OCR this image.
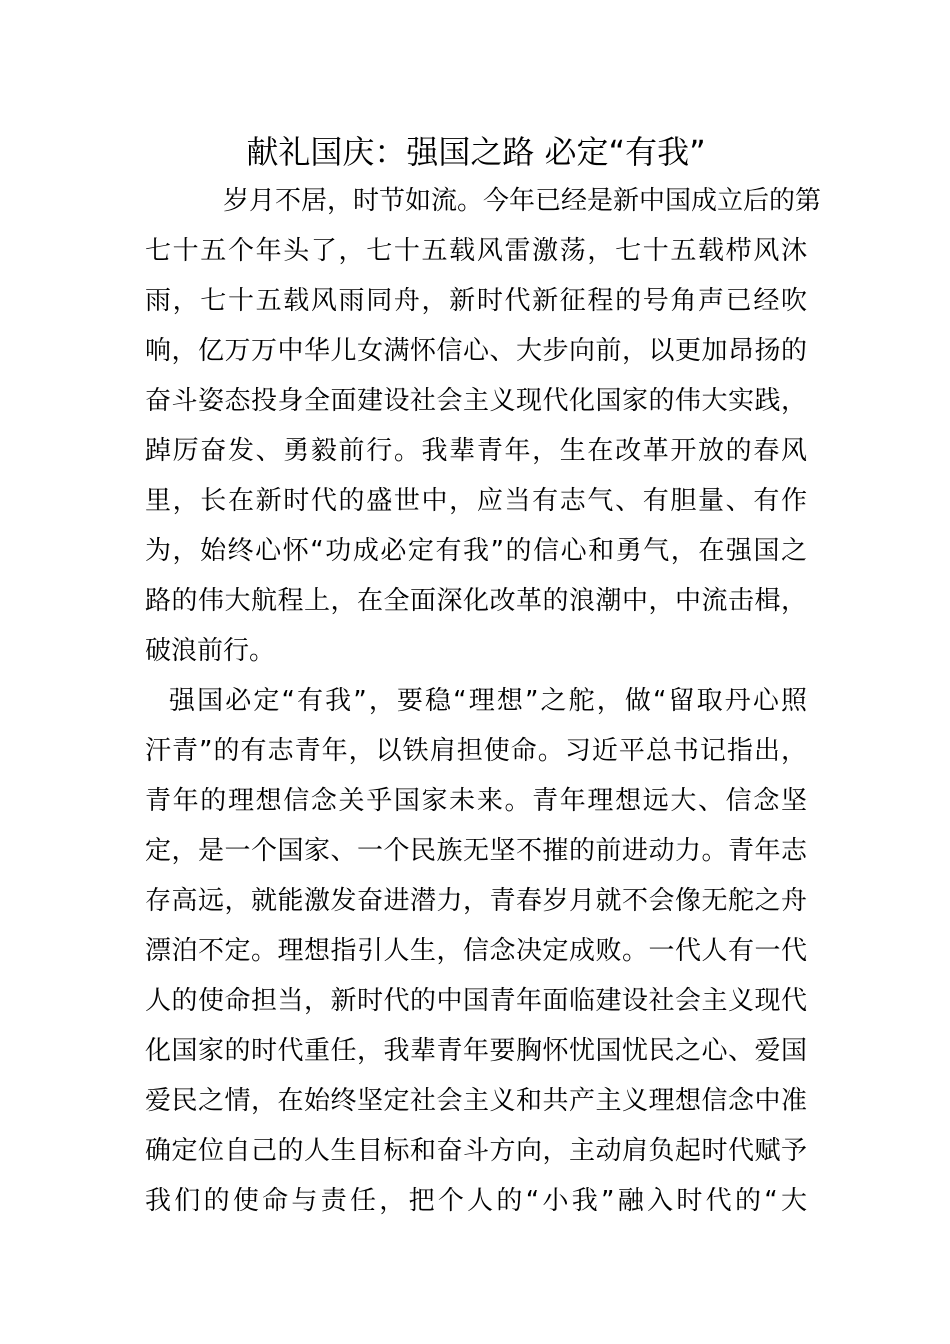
献礼国庆：强国之路 必定“有我”
岁月不居，时节如流。今年已经是新中国成立后的第
七十五个年头了，七十五载风雷激荡，七十五载栉风沐
雨，七十五载风雨同舟，新时代新征程的号角声已经吹
响，亿万万中华儿女满怀信心、大步向前，以更加昂扬的
奋斗姿态投身全面建设社会主义现代化国家的伟大实践，
踔厉奋发、勇毅前行。我辈青年，生在改革开放的春风
里，长在新时代的盛世中，应当有志气、有胆量、有作
为，始终心怀“功成必定有我”的信心和勇气，在强国之
路的伟大航程上，在全面深化改革的浪潮中，中流击楫，
破浪前行。
强国必定“有我”，要稳“理想”之舵，做“留取丹心照
汗青”的有志青年，以铁肩担使命。习近平总书记指出，
青年的理想信念关乎国家未来。青年理想远大、信念坚
定，是一个国家、一个民族无坚不摧的前进动力。青年志
存高远，就能激发奋进潜力，青春岁月就不会像无舵之舟
漂泊不定。理想指引人生，信念决定成败。一代人有一代
人的使命担当，新时代的中国青年面临建设社会主义现代
化国家的时代重任，我辈青年要胸怀忧国忧民之心、爱国
爱民之情，在始终坚定社会主义和共产主义理想信念中准
确定位自己的人生目标和奋斗方向，主动肩负起时代赋予
我们的使命与责任，把个人的“小我”融入时代的“大
